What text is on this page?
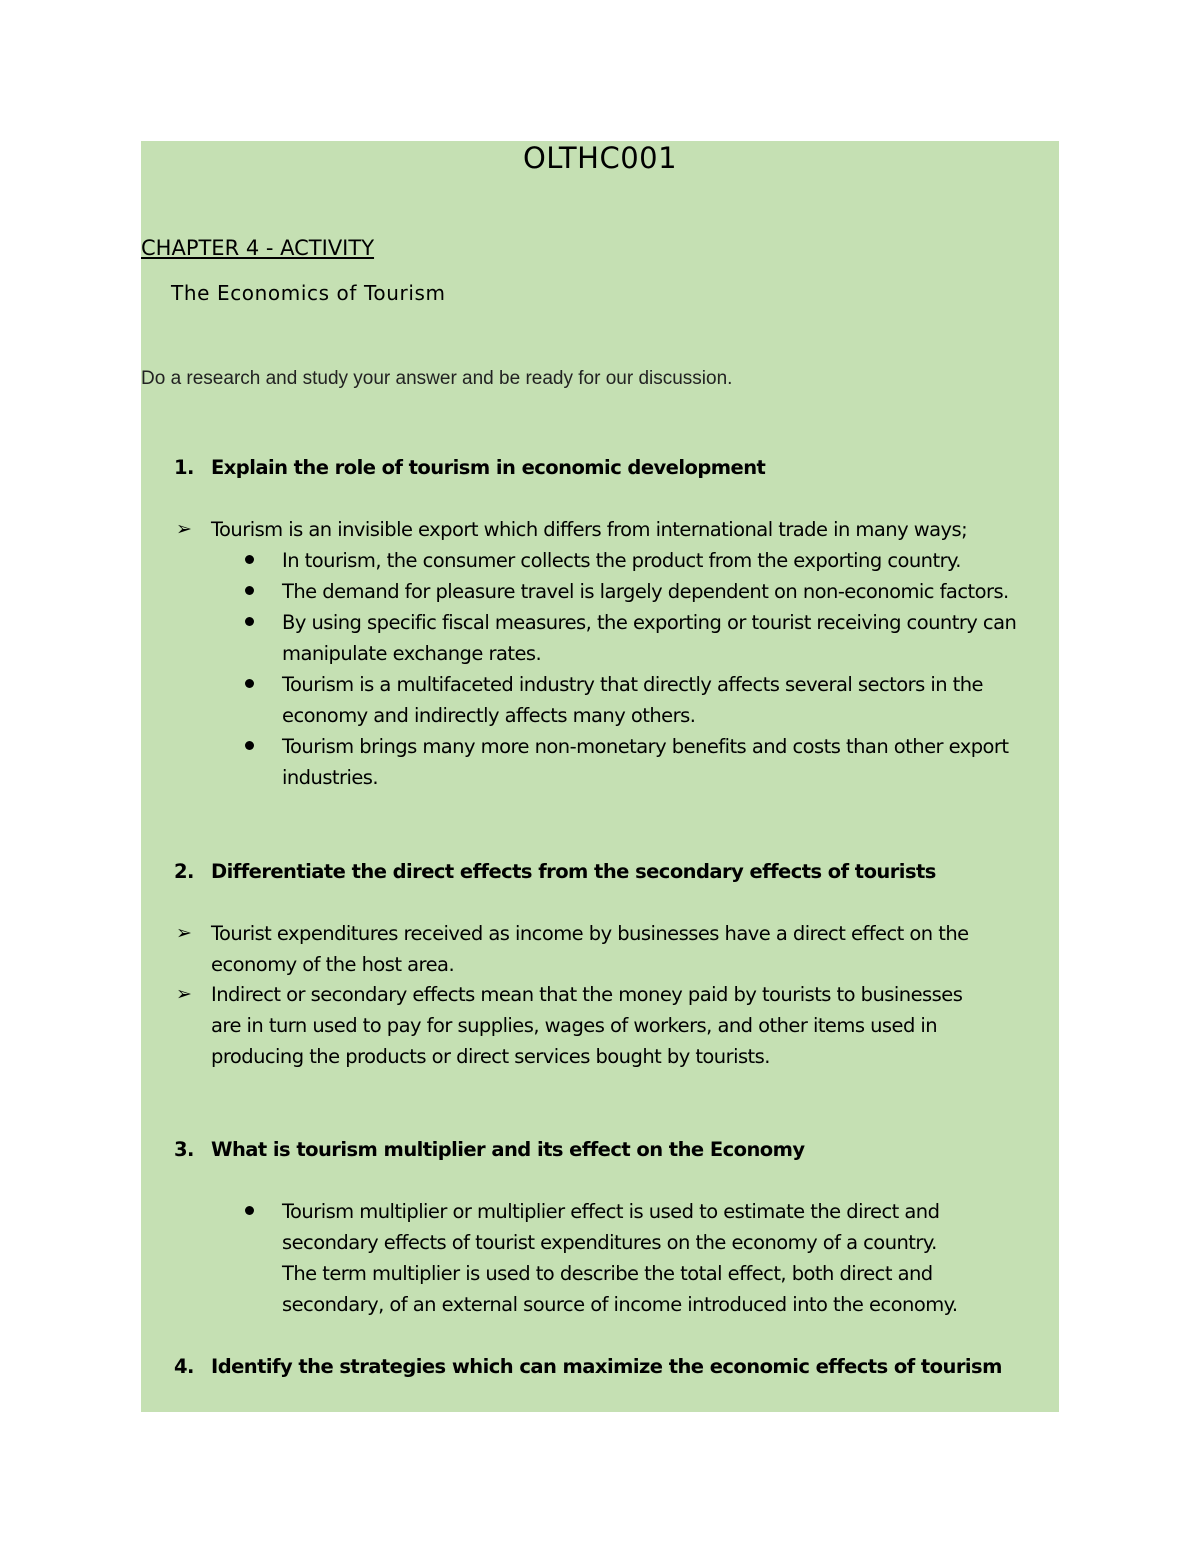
OLTHC001
CHAPTER 4 - ACTIVITY
The Economics of Tourism
Do a research and study your answer and be ready for our discussion.
1. Explain the role of tourism in economic development
➢ Tourism is an invisible export which differs from international trade in many ways;
In tourism, the consumer collects the product from the exporting country.
The demand for pleasure travel is largely dependent on non-economic factors.
By using specific fiscal measures, the exporting or tourist receiving country can
manipulate exchange rates.
Tourism is a multifaceted industry that directly affects several sectors in the
economy and indirectly affects many others.
Tourism brings many more non-monetary benefits and costs than other export
industries.
2. Differentiate the direct effects from the secondary effects of tourists
➢ Tourist expenditures received as income by businesses have a direct effect on the
economy of the host area.
➢ Indirect or secondary effects mean that the money paid by tourists to businesses
are in turn used to pay for supplies, wages of workers, and other items used in
producing the products or direct services bought by tourists.
3. What is tourism multiplier and its effect on the Economy
Tourism multiplier or multiplier effect is used to estimate the direct and
secondary effects of tourist expenditures on the economy of a country.
The term multiplier is used to describe the total effect, both direct and
secondary, of an external source of income introduced into the economy.
4. Identify the strategies which can maximize the economic effects of tourism
